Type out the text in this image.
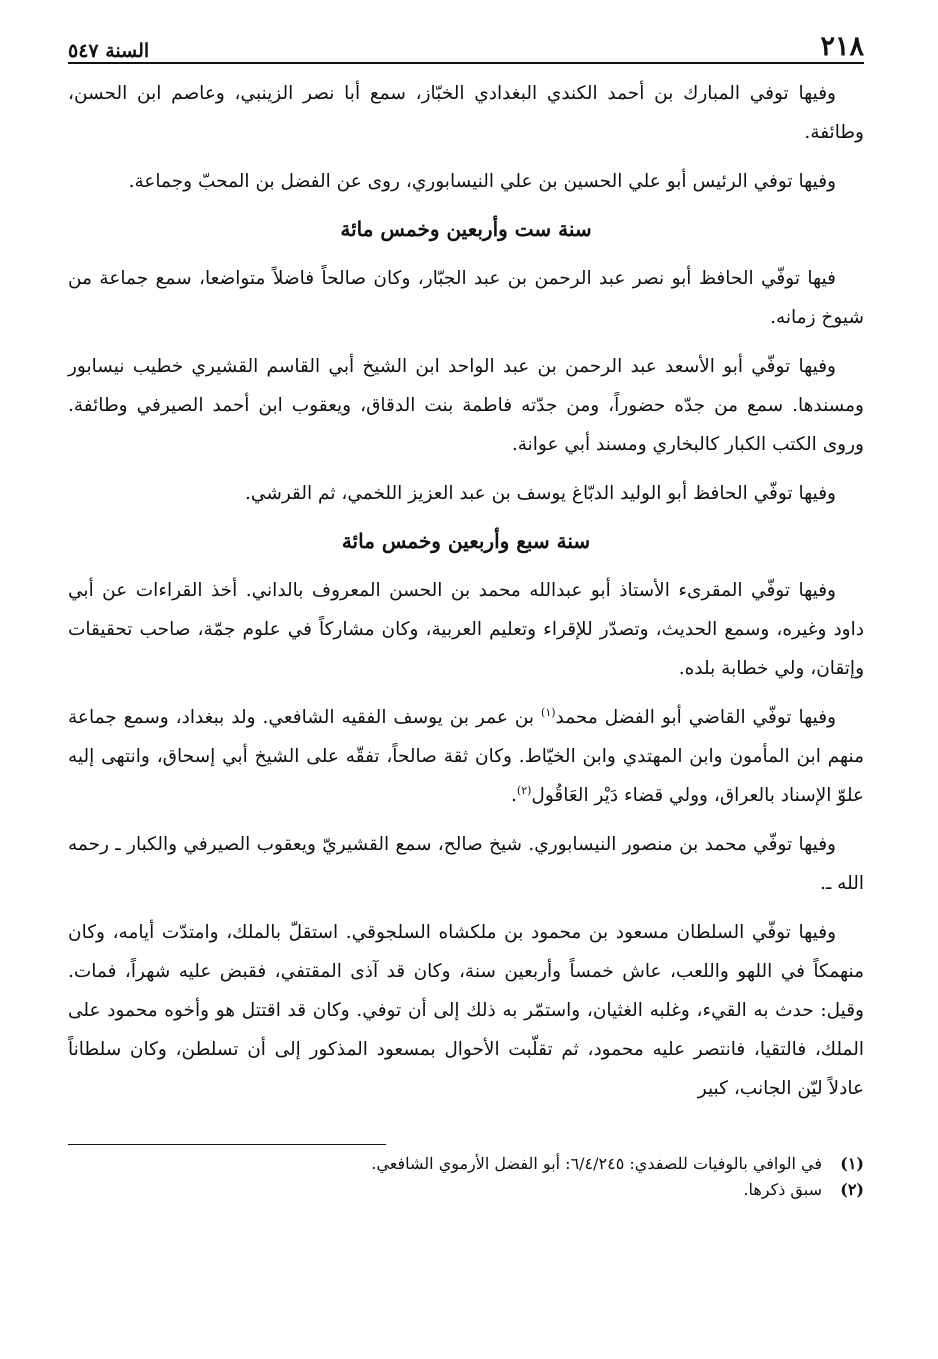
٢١٨
السنة ٥٤٧

وفيها توفي المبارك بن أحمد الكندي البغدادي الخبّاز، سمع أبا نصر الزينبي، وعاصم ابن الحسن، وطائفة.

وفيها توفي الرئيس أبو علي الحسين بن علي النيسابوري، روى عن الفضل بن المحبّ وجماعة.

سنة ست وأربعين وخمس مائة

فيها توفّي الحافظ أبو نصر عبد الرحمن بن عبد الجبّار، وكان صالحاً فاضلاً متواضعا، سمع جماعة من شيوخ زمانه.

وفيها توفّي أبو الأسعد عبد الرحمن بن عبد الواحد ابن الشيخ أبي القاسم القشيري خطيب نيسابور ومسندها. سمع من جدّه حضوراً، ومن جدّته فاطمة بنت الدقاق، ويعقوب ابن أحمد الصيرفي وطائفة. وروى الكتب الكبار كالبخاري ومسند أبي عوانة.

وفيها توفّي الحافظ أبو الوليد الدبّاغ يوسف بن عبد العزيز اللخمي، ثم القرشي.

سنة سبع وأربعين وخمس مائة

وفيها توفّي المقرىء الأستاذ أبو عبدالله محمد بن الحسن المعروف بالداني. أخذ القراءات عن أبي داود وغيره، وسمع الحديث، وتصدّر للإقراء وتعليم العربية، وكان مشاركاً في علوم جمّة، صاحب تحقيقات وإتقان، ولي خطابة بلده.

وفيها توفّي القاضي أبو الفضل محمد$^{(١)}$ بن عمر بن يوسف الفقيه الشافعي. ولد ببغداد، وسمع جماعة منهم ابن المأمون وابن المهتدي وابن الخيّاط. وكان ثقة صالحاً، تفقّه على الشيخ أبي إسحاق، وانتهى إليه علوّ الإسناد بالعراق، وولي قضاء دَيْر العَاقُول$^{(٢)}$.

وفيها توفّي محمد بن منصور النيسابوري. شيخ صالح، سمع القشيريّ ويعقوب الصيرفي والكبار ـ رحمه الله ـ.

وفيها توفّي السلطان مسعود بن محمود بن ملكشاه السلجوقي. استقلّ بالملك، وامتدّت أيامه، وكان منهمكاً في اللهو واللعب، عاش خمساً وأربعين سنة، وكان قد آذى المقتفي، فقبض عليه شهراً، فمات. وقيل: حدث به القيء، وغلبه الغثيان، واستمّر به ذلك إلى أن توفي. وكان قد اقتتل هو وأخوه محمود على الملك، فالتقيا، فانتصر عليه محمود، ثم تقلّبت الأحوال بمسعود المذكور إلى أن تسلطن، وكان سلطاناً عادلاً ليّن الجانب، كبير

(١)
في الوافي بالوفيات للصفدي: ٦/٤/٢٤٥: أبو الفضل الأرموي الشافعي.
(٢)
سبق ذكرها.
